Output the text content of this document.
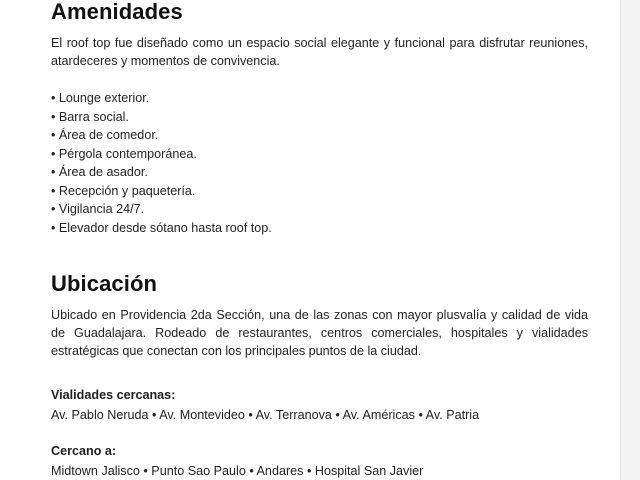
Amenidades

El roof top fue diseñado como un espacio social elegante y funcional para disfrutar reuniones, atardeceres y momentos de convivencia.

• Lounge exterior.
• Barra social.
• Área de comedor.
• Pérgola contemporánea.
• Área de asador.
• Recepción y paquetería.
• Vigilancia 24/7.
• Elevador desde sótano hasta roof top.
Ubicación

Ubicado en Providencia 2da Sección, una de las zonas con mayor plusvalía y calidad de vida de Guadalajara. Rodeado de restaurantes, centros comerciales, hospitales y vialidades estratégicas que conectan con los principales puntos de la ciudad.

Vialidades cercanas:
Av. Pablo Neruda • Av. Montevideo • Av. Terranova • Av. Américas • Av. Patria
Cercano a:
Midtown Jalisco • Punto Sao Paulo • Andares • Hospital San Javier
